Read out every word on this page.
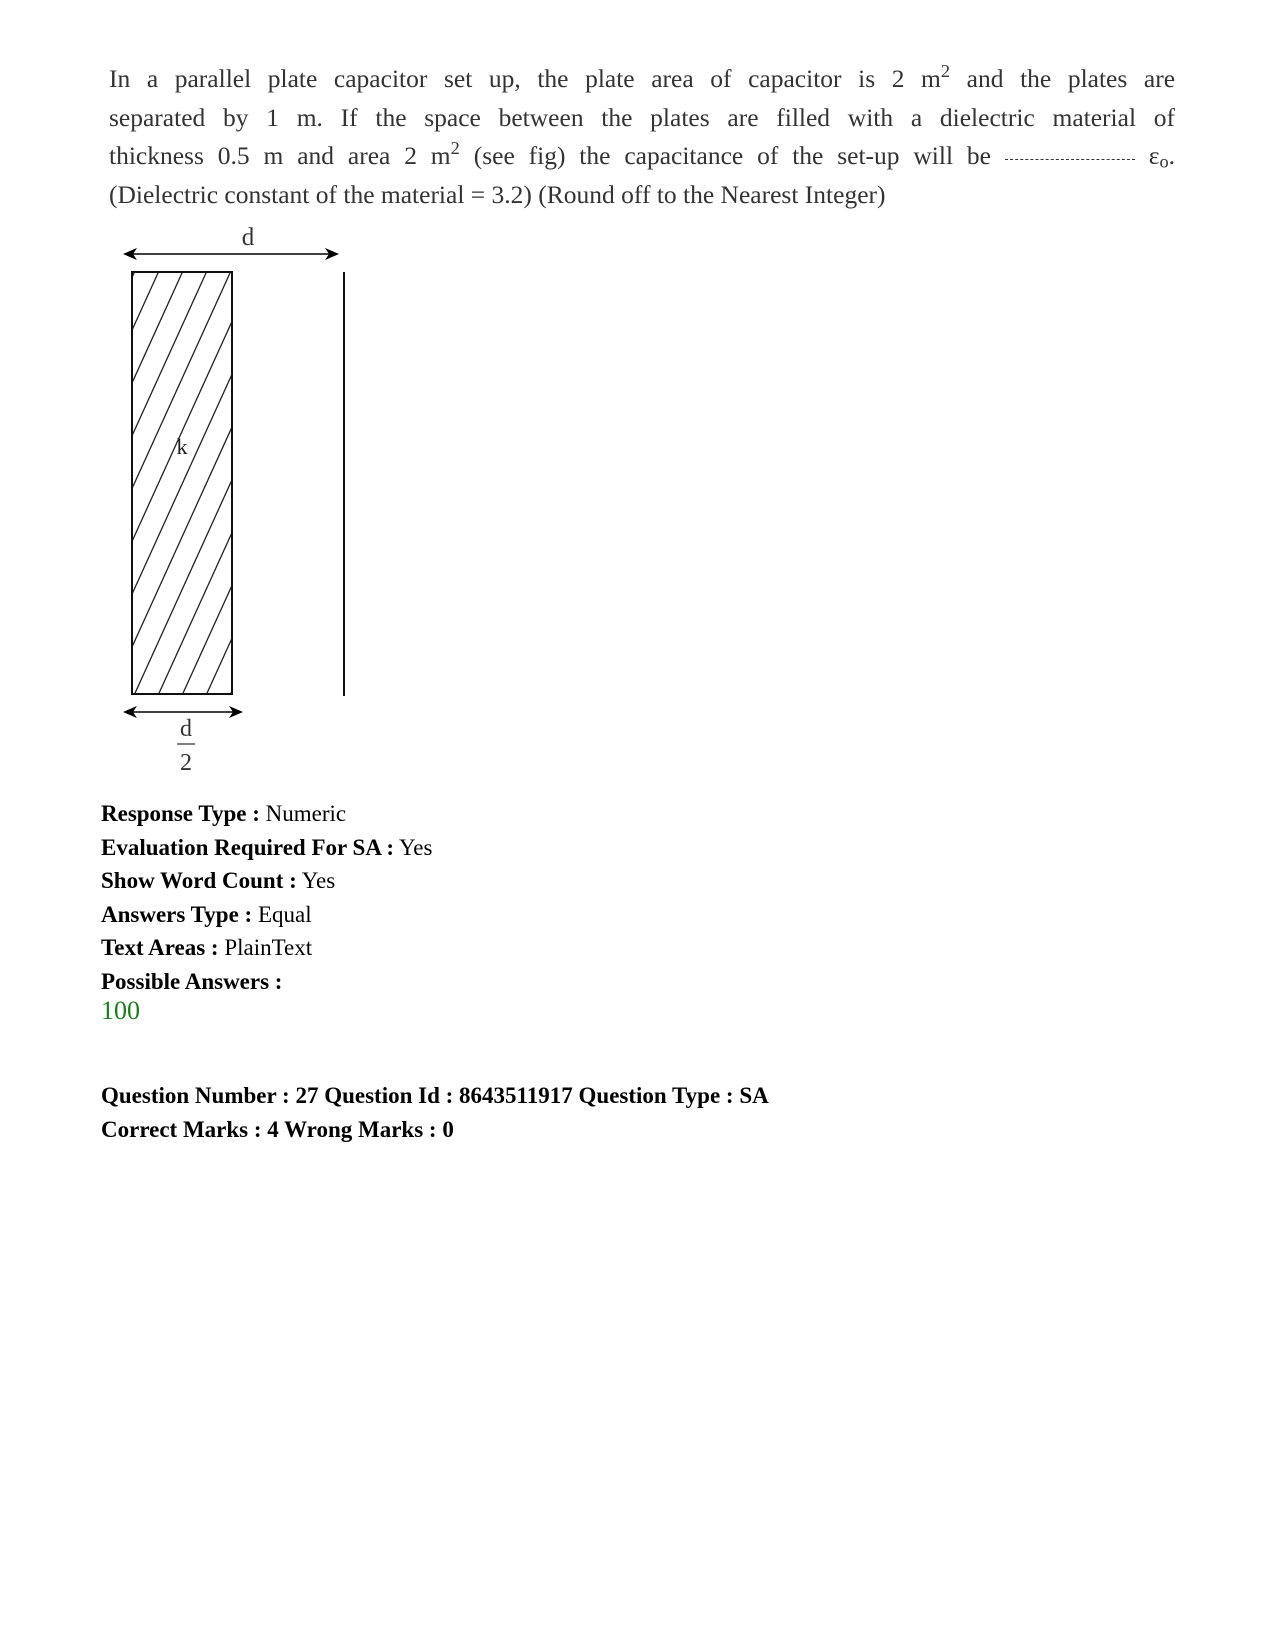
In a parallel plate capacitor set up, the plate area of capacitor is 2 $m^2$ and the plates are
separated by 1 m. If the space between the plates are filled with a dielectric material of
thickness 0.5 m and area 2 $m^2$ (see fig) the capacitance of the set-up will be	$\varepsilon_o$.
(Dielectric constant of the material = 3.2) (Round off to the Nearest Integer)
d
k
d
2
Response Type : Numeric
Evaluation Required For SA : Yes
Show Word Count : Yes
Answers Type : Equal
Text Areas : PlainText
Possible Answers :
100
Question Number : 27 Question Id : 8643511917 Question Type : SA
Correct Marks : 4 Wrong Marks : 0
